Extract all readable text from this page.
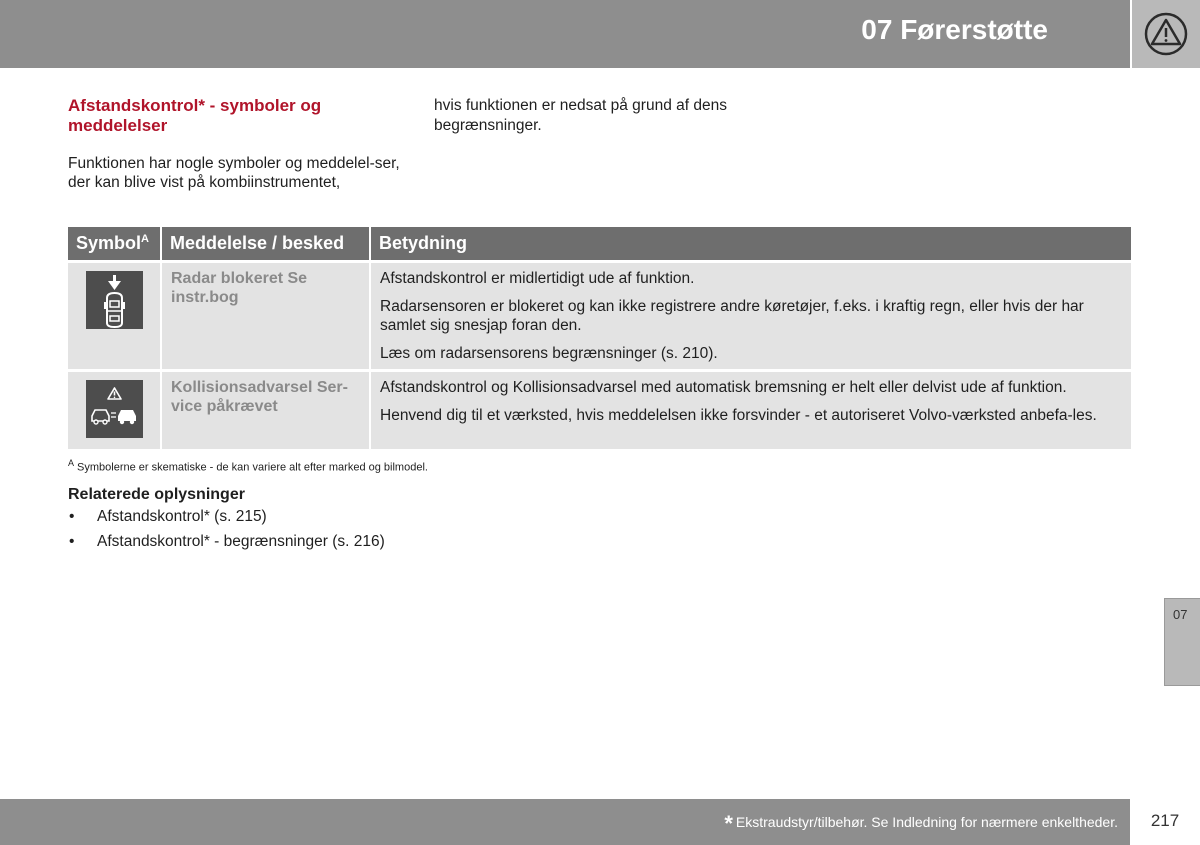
07 Førerstøtte
Afstandskontrol* - symboler og meddelelser
Funktionen har nogle symboler og meddelel-ser, der kan blive vist på kombiinstrumentet,
hvis funktionen er nedsat på grund af dens begrænsninger.
Symbol$^A$	Meddelelse / besked	Betydning
	Radar blokeret Se instr.bog	Afstandskontrol er midlertidigt ude af funktion.

Radarsensoren er blokeret og kan ikke registrere andre køretøjer, f.eks. i kraftig regn, eller hvis der har samlet sig snesjap foran den.

Læs om radarsensorens begrænsninger (s. 210).

	Kollisionsadvarsel Ser-vice påkrævet	Afstandskontrol og Kollisionsadvarsel med automatisk bremsning er helt eller delvist ude af funktion.

Henvend dig til et værksted, hvis meddelelsen ikke forsvinder - et autoriseret Volvo-værksted anbefa-les.

$^A$ Symbolerne er skematiske - de kan variere alt efter marked og bilmodel.
Relaterede oplysninger
• Afstandskontrol* (s. 215)
• Afstandskontrol* - begrænsninger (s. 216)
07
* Ekstraudstyr/tilbehør. Se Indledning for nærmere enkeltheder.	217
